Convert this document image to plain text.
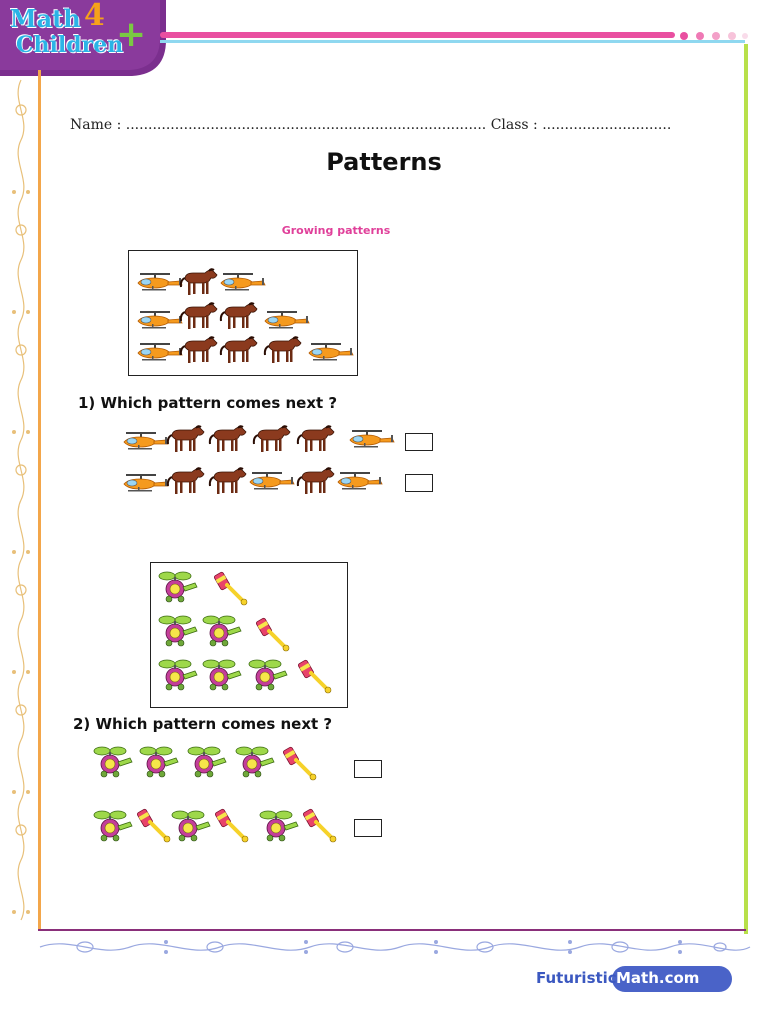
Math 4
Children
+
Name : ................................................................................. Class : .............................
Patterns
Growing patterns
1) Which pattern comes next ?
2) Which pattern comes next ?
Futuristic Math.com
